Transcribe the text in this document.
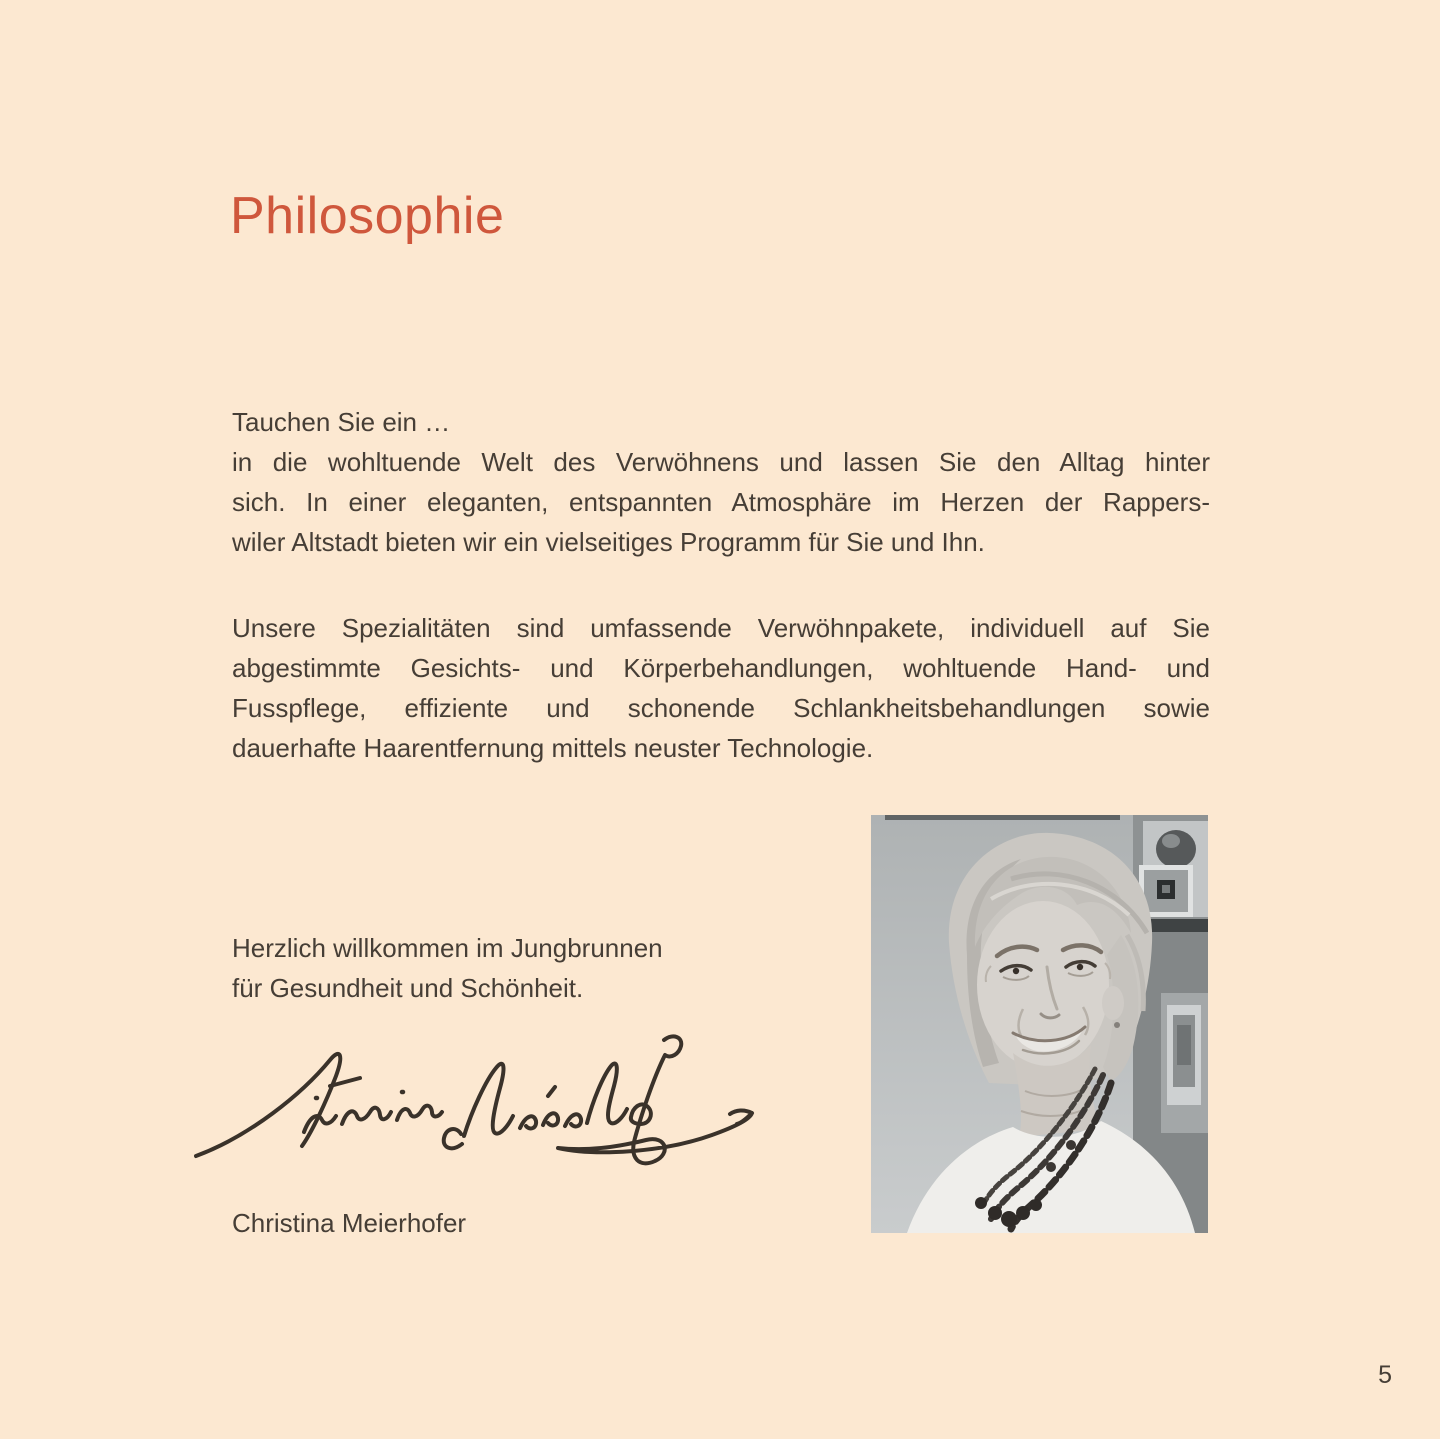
Philosophie
Tauchen Sie ein …
in die wohltuende Welt des Verwöhnens und lassen Sie den Alltag hinter
sich. In einer eleganten, entspannten Atmosphäre im Herzen der Rappers-
wiler Altstadt bieten wir ein vielseitiges Programm für Sie und Ihn.
Unsere Spezialitäten sind umfassende Verwöhnpakete, individuell auf Sie
abgestimmte Gesichts- und Körperbehandlungen, wohltuende Hand- und
Fusspflege, effiziente und schonende Schlankheitsbehandlungen sowie
dauerhafte Haarentfernung mittels neuster Technologie.
Herzlich willkommen im Jungbrunnen
für Gesundheit und Schönheit.
Christina Meierhofer
5
